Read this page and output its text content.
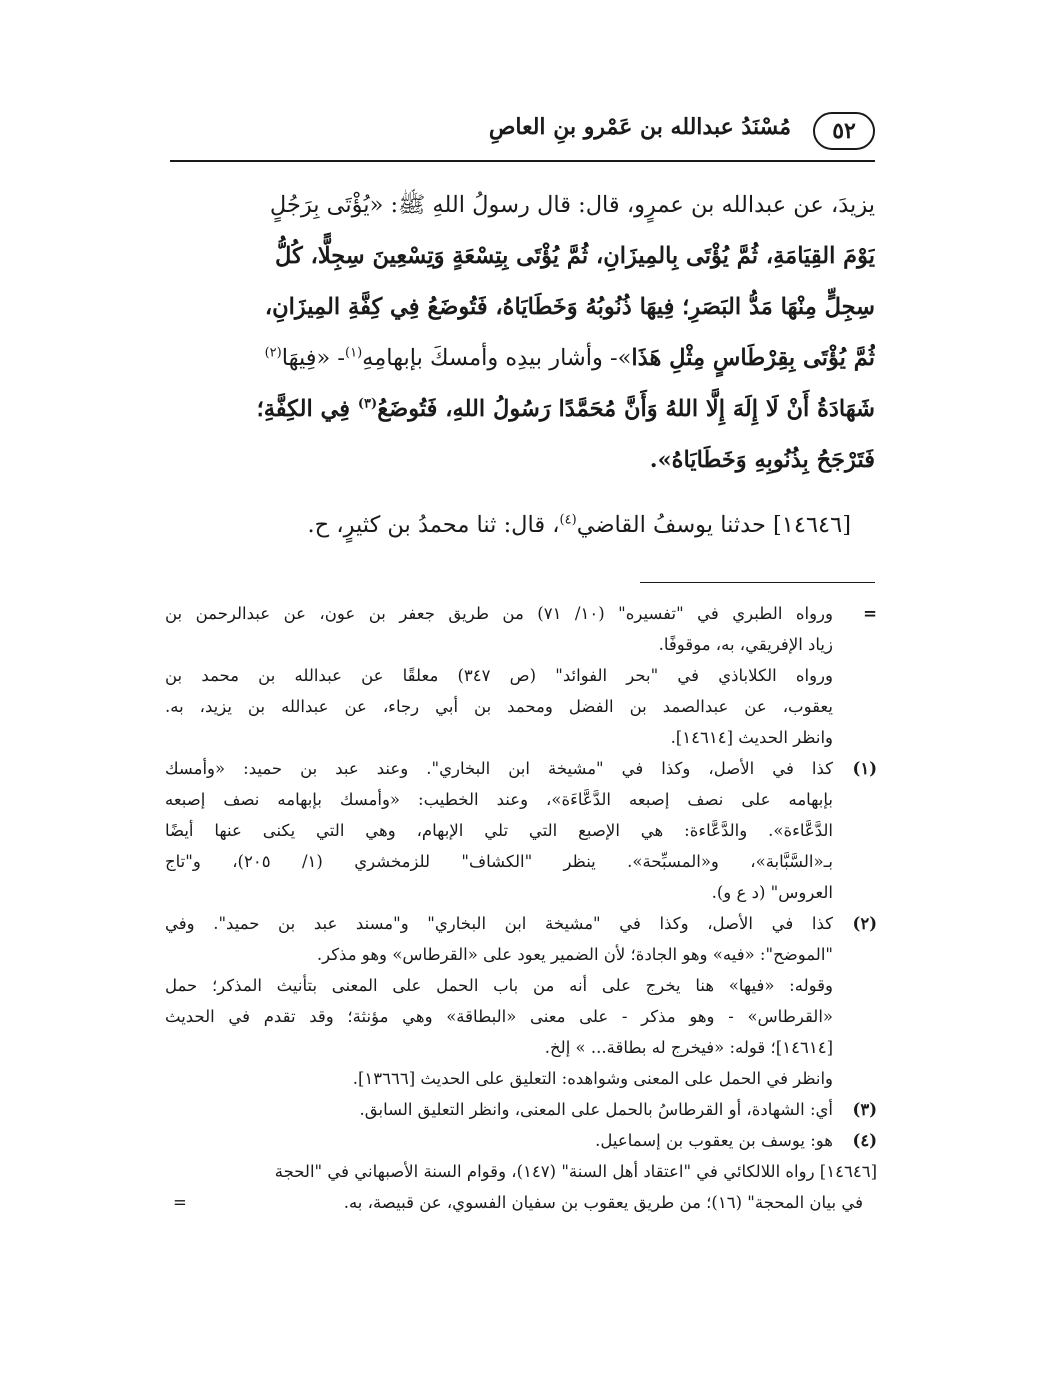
٥٢
مُسْنَدُ عبدالله بن عَمْرو بنِ العاصِ
يزيدَ، عن عبدالله بن عمرٍو، قال: قال رسولُ اللهِ ﷺ: «يُؤْتَى بِرَجُلٍ
يَوْمَ القِيَامَةِ، ثُمَّ يُؤْتَى بِالمِيزَانِ، ثُمَّ يُؤْتَى بِتِسْعَةٍ وَتِسْعِينَ سِجِلًّا، كُلُّ
سِجِلٍّ مِنْهَا مَدُّ البَصَرِ؛ فِيهَا ذُنُوبُهُ وَخَطَايَاهُ، فَتُوضَعُ فِي كِفَّةِ المِيزَانِ،
ثُمَّ يُؤْتَى بِقِرْطَاسٍ مِثْلِ هَذَا»- وأشار بيدِه وأمسكَ بإبهامِهِ$^{(١)}$- «فِيهَا$^{(٢)}$
شَهَادَةُ أَنْ لَا إِلَهَ إِلَّا اللهُ وَأَنَّ مُحَمَّدًا رَسُولُ اللهِ، فَتُوضَعُ$^{(٣)}$ فِي الكِفَّةِ؛
فَتَرْجَحُ بِذُنُوبِهِ وَخَطَايَاهُ».
[١٤٦٤٦] حدثنا يوسفُ القاضي$^{(٤)}$، قال: ثنا محمدُ بن كثيرٍ، ح.
=
ورواه الطبري في "تفسيره" (١٠/ ٧١) من طريق جعفر بن عون، عن عبدالرحمن بن
زياد الإفريقي، به، موقوفًا.
ورواه الكلاباذي في "بحر الفوائد" (ص ٣٤٧) معلقًا عن عبدالله بن محمد بن
يعقوب، عن عبدالصمد بن الفضل ومحمد بن أبي رجاء، عن عبدالله بن يزيد، به.
وانظر الحديث [١٤٦١٤].
(١)
كذا في الأصل، وكذا في "مشيخة ابن البخاري". وعند عبد بن حميد: «وأمسك
بإبهامه على نصف إصبعه الدَّعَّاءَة»، وعند الخطيب: «وأمسك بإبهامه نصف إصبعه
الدَّعَّاءة». والدَّعَّاءة: هي الإصبع التي تلي الإبهام، وهي التي يكنى عنها أيضًا
بـ«السَّبَّابة»، و«المسبِّحة». ينظر "الكشاف" للزمخشري (١/ ٢٠٥)، و"تاج
العروس" (د ع و).
(٢)
كذا في الأصل، وكذا في "مشيخة ابن البخاري" و"مسند عبد بن حميد". وفي
"الموضح": «فيه» وهو الجادة؛ لأن الضمير يعود على «القرطاس» وهو مذكر.
وقوله: «فيها» هنا يخرج على أنه من باب الحمل على المعنى بتأنيث المذكر؛ حمل
«القرطاس» - وهو مذكر - على معنى «البطاقة» وهي مؤنثة؛ وقد تقدم في الحديث
[١٤٦١٤]؛ قوله: «فيخرج له بطاقة... » إلخ.
وانظر في الحمل على المعنى وشواهده: التعليق على الحديث [١٣٦٦٦].
(٣)
أي: الشهادة، أو القرطاسُ بالحمل على المعنى، وانظر التعليق السابق.
(٤)
هو: يوسف بن يعقوب بن إسماعيل.
[١٤٦٤٦] رواه اللالكائي في "اعتقاد أهل السنة" (١٤٧)، وقوام السنة الأصبهاني في "الحجة
في بيان المحجة" (١٦)؛ من طريق يعقوب بن سفيان الفسوي، عن قبيصة، به.
=
